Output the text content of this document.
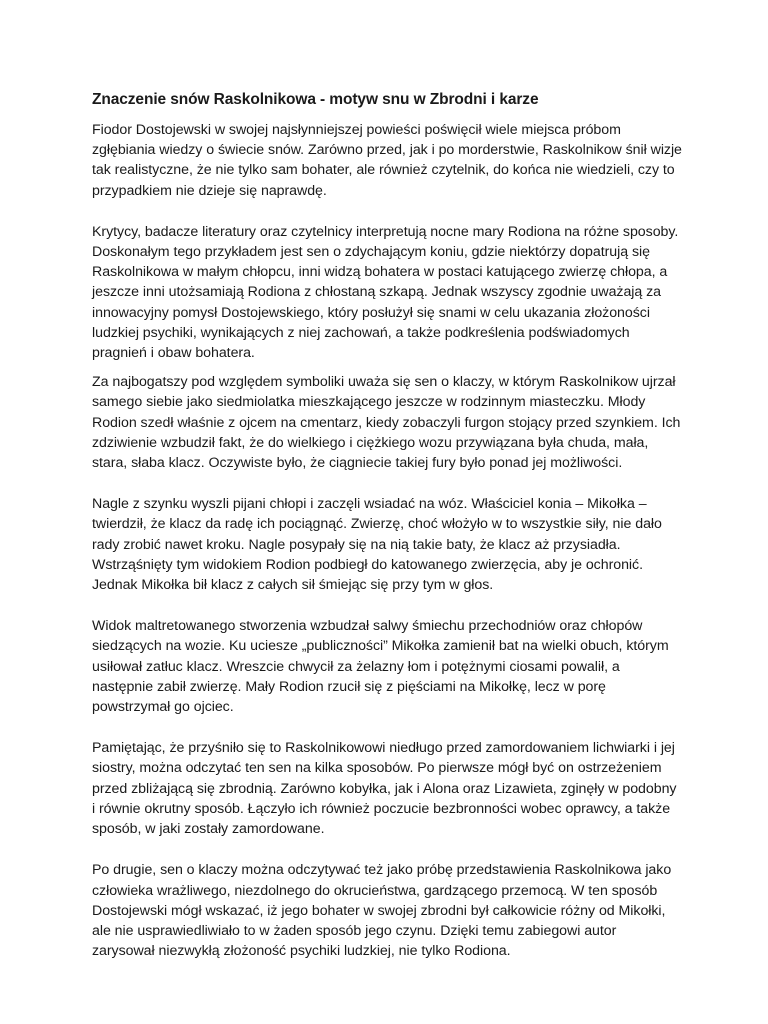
Znaczenie snów Raskolnikowa - motyw snu w Zbrodni i karze

Fiodor Dostojewski w swojej najsłynniejszej powieści poświęcił wiele miejsca próbom zgłębiania wiedzy o świecie snów. Zarówno przed, jak i po morderstwie, Raskolnikow śnił wizje tak realistyczne, że nie tylko sam bohater, ale również czytelnik, do końca nie wiedzieli, czy to przypadkiem nie dzieje się naprawdę.

Krytycy, badacze literatury oraz czytelnicy interpretują nocne mary Rodiona na różne sposoby. Doskonałym tego przykładem jest sen o zdychającym koniu, gdzie niektórzy dopatrują się Raskolnikowa w małym chłopcu, inni widzą bohatera w postaci katującego zwierzę chłopa, a jeszcze inni utożsamiają Rodiona z chłostaną szkapą. Jednak wszyscy zgodnie uważają za innowacyjny pomysł Dostojewskiego, który posłużył się snami w celu ukazania złożoności ludzkiej psychiki, wynikających z niej zachowań, a także podkreślenia podświadomych pragnień i obaw bohatera.

Za najbogatszy pod względem symboliki uważa się sen o klaczy, w którym Raskolnikow ujrzał samego siebie jako siedmiolatka mieszkającego jeszcze w rodzinnym miasteczku. Młody Rodion szedł właśnie z ojcem na cmentarz, kiedy zobaczyli furgon stojący przed szynkiem. Ich zdziwienie wzbudził fakt, że do wielkiego i ciężkiego wozu przywiązana była chuda, mała, stara, słaba klacz. Oczywiste było, że ciągniecie takiej fury było ponad jej możliwości.

Nagle z szynku wyszli pijani chłopi i zaczęli wsiadać na wóz. Właściciel konia – Mikołka – twierdził, że klacz da radę ich pociągnąć. Zwierzę, choć włożyło w to wszystkie siły, nie dało rady zrobić nawet kroku. Nagle posypały się na nią takie baty, że klacz aż przysiadła. Wstrząśnięty tym widokiem Rodion podbiegł do katowanego zwierzęcia, aby je ochronić. Jednak Mikołka bił klacz z całych sił śmiejąc się przy tym w głos.

Widok maltretowanego stworzenia wzbudzał salwy śmiechu przechodniów oraz chłopów siedzących na wozie. Ku uciesze „publiczności” Mikołka zamienił bat na wielki obuch, którym usiłował zatłuc klacz. Wreszcie chwycił za żelazny łom i potężnymi ciosami powalił, a następnie zabił zwierzę. Mały Rodion rzucił się z pięściami na Mikołkę, lecz w porę powstrzymał go ojciec.

Pamiętając, że przyśniło się to Raskolnikowowi niedługo przed zamordowaniem lichwiarki i jej siostry, można odczytać ten sen na kilka sposobów. Po pierwsze mógł być on ostrzeżeniem przed zbliżającą się zbrodnią. Zarówno kobyłka, jak i Alona oraz Lizawieta, zginęły w podobny i równie okrutny sposób. Łączyło ich również poczucie bezbronności wobec oprawcy, a także sposób, w jaki zostały zamordowane.

Po drugie, sen o klaczy można odczytywać też jako próbę przedstawienia Raskolnikowa jako człowieka wrażliwego, niezdolnego do okrucieństwa, gardzącego przemocą. W ten sposób Dostojewski mógł wskazać, iż jego bohater w swojej zbrodni był całkowicie różny od Mikołki, ale nie usprawiedliwiało to w żaden sposób jego czynu. Dzięki temu zabiegowi autor zarysował niezwykłą złożoność psychiki ludzkiej, nie tylko Rodiona.
